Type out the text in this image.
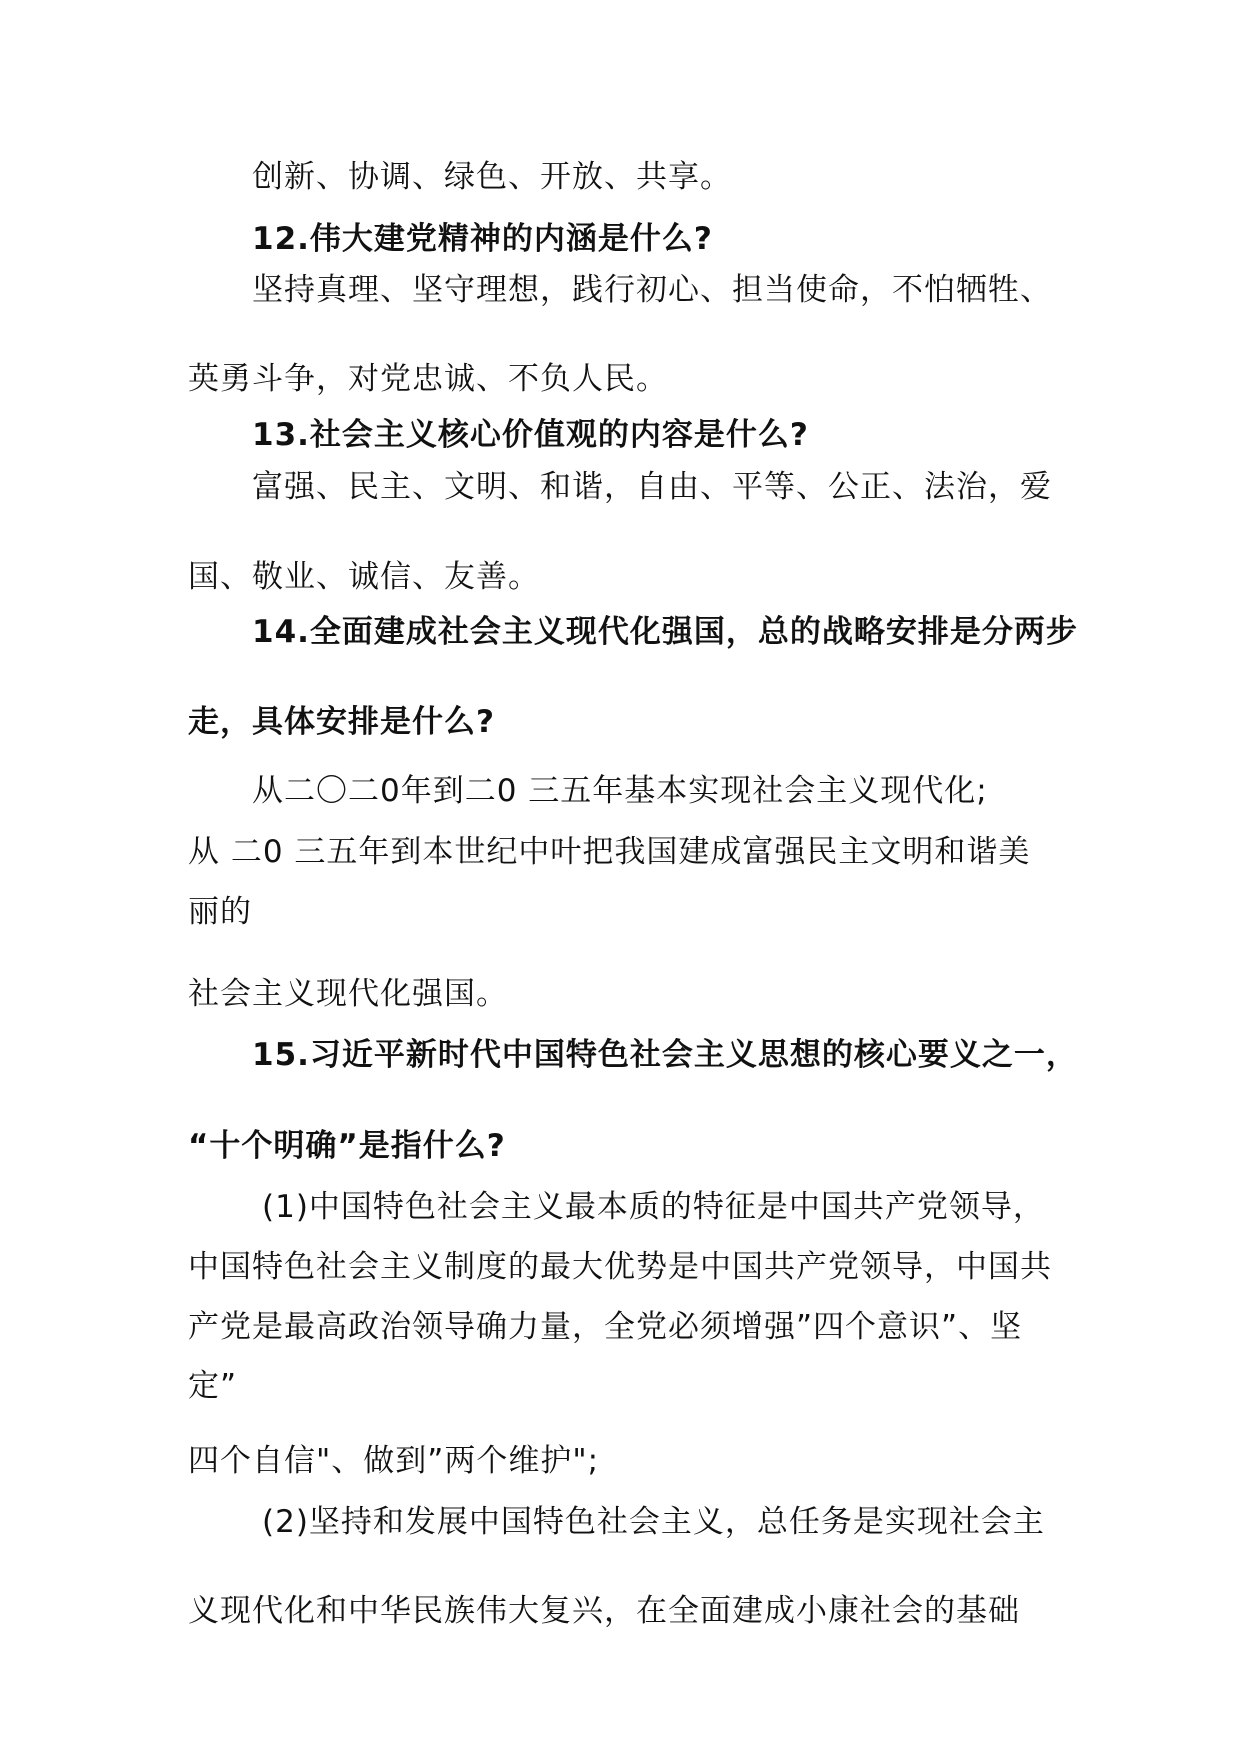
创新、协调、绿色、开放、共享。
12.伟大建党精神的内涵是什么?
坚持真理、坚守理想，践行初心、担当使命，不怕牺牲、
英勇斗争，对党忠诚、不负人民。
13.社会主义核心价值观的内容是什么?
富强、民主、文明、和谐，自由、平等、公正、法治，爱
国、敬业、诚信、友善。
14.全面建成社会主义现代化强国，总的战略安排是分两步
走，具体安排是什么?
从二〇二0年到二0 三五年基本实现社会主义现代化;
从 二0 三五年到本世纪中叶把我国建成富强民主文明和谐美
丽的
社会主义现代化强国。
15.习近平新时代中国特色社会主义思想的核心要义之一，
“十个明确”是指什么?
(1)中国特色社会主义最本质的特征是中国共产党领导，
中国特色社会主义制度的最大优势是中国共产党领导，中国共
产党是最高政治领导确力量，全党必须增强”四个意识”、坚
定”
四个自信"、做到”两个维护";
(2)坚持和发展中国特色社会主义，总任务是实现社会主
义现代化和中华民族伟大复兴，在全面建成小康社会的基础
